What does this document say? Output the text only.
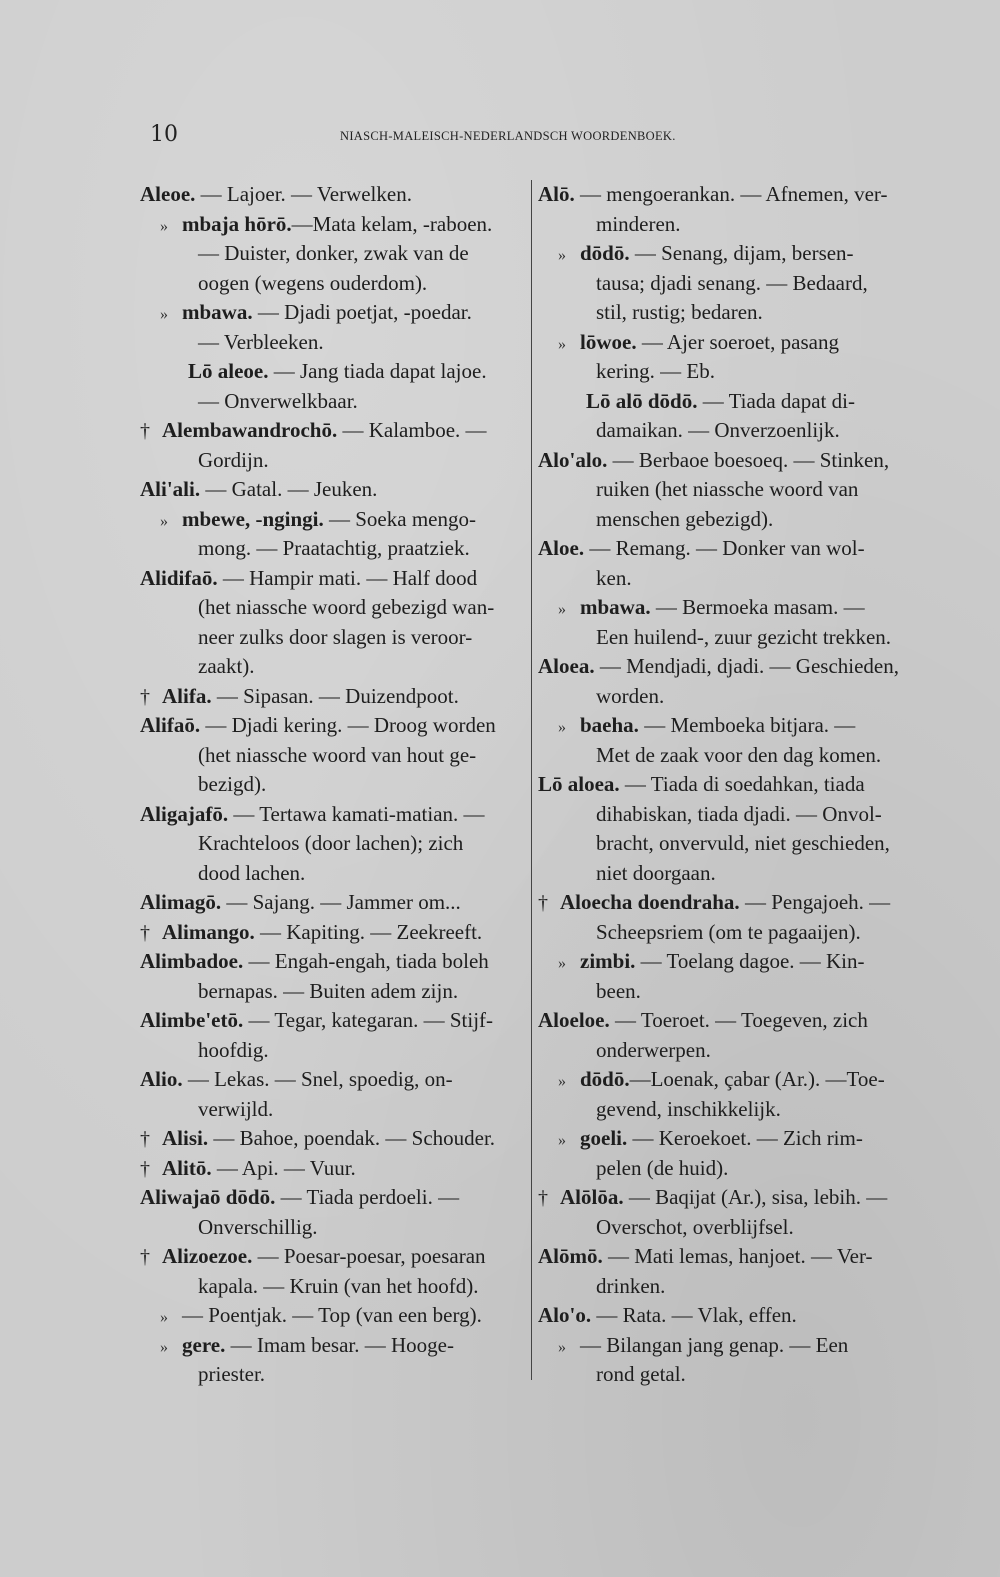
10	NIASCH-MALEISCH-NEDERLANDSCH WOORDENBOEK.
Aleoe. — Lajoer. — Verwelken.
» mbaja hōrō.—Mata kelam, -raboen.
— Duister, donker, zwak van de
oogen (wegens ouderdom).
» mbawa. — Djadi poetjat, -poedar.
— Verbleeken.
Lō aleoe. — Jang tiada dapat lajoe.
— Onverwelkbaar.
† Alembawandrochō. — Kalamboe. —
Gordijn.
Ali'ali. — Gatal. — Jeuken.
» mbewe, -ngingi. — Soeka mengo-
mong. — Praatachtig, praatziek.
Alidifaō. — Hampir mati. — Half dood
(het niassche woord gebezigd wan-
neer zulks door slagen is veroor-
zaakt).
† Alifa. — Sipasan. — Duizendpoot.
Alifaō. — Djadi kering. — Droog worden
(het niassche woord van hout ge-
bezigd).
Aligajafō. — Tertawa kamati-matian. —
Krachteloos (door lachen); zich
dood lachen.
Alimagō. — Sajang. — Jammer om...
† Alimango. — Kapiting. — Zeekreeft.
Alimbadoe. — Engah-engah, tiada boleh
bernapas. — Buiten adem zijn.
Alimbe'etō. — Tegar, kategaran. — Stijf-
hoofdig.
Alio. — Lekas. — Snel, spoedig, on-
verwijld.
† Alisi. — Bahoe, poendak. — Schouder.
† Alitō. — Api. — Vuur.
Aliwajaō dōdō. — Tiada perdoeli. —
Onverschillig.
† Alizoezoe. — Poesar-poesar, poesaran
kapala. — Kruin (van het hoofd).
» — Poentjak. — Top (van een berg).
» gere. — Imam besar. — Hooge-
priester.
Alō. — mengoerankan. — Afnemen, ver-
minderen.
» dōdō. — Senang, dijam, bersen-
tausa; djadi senang. — Bedaard,
stil, rustig; bedaren.
» lōwoe. — Ajer soeroet, pasang
kering. — Eb.
Lō alō dōdō. — Tiada dapat di-
damaikan. — Onverzoenlijk.
Alo'alo. — Berbaoe boesoeq. — Stinken,
ruiken (het niassche woord van
menschen gebezigd).
Aloe. — Remang. — Donker van wol-
ken.
» mbawa. — Bermoeka masam. —
Een huilend-, zuur gezicht trekken.
Aloea. — Mendjadi, djadi. — Geschieden,
worden.
» baeha. — Memboeka bitjara. —
Met de zaak voor den dag komen.
Lō aloea. — Tiada di soedahkan, tiada
dihabiskan, tiada djadi. — Onvol-
bracht, onvervuld, niet geschieden,
niet doorgaan.
† Aloecha doendraha. — Pengajoeh. —
Scheepsriem (om te pagaaijen).
» zimbi. — Toelang dagoe. — Kin-
been.
Aloeloe. — Toeroet. — Toegeven, zich
onderwerpen.
» dōdō.—Loenak, çabar (Ar.). —Toe-
gevend, inschikkelijk.
» goeli. — Keroekoet. — Zich rim-
pelen (de huid).
† Alōlōa. — Baqijat (Ar.), sisa, lebih. —
Overschot, overblijfsel.
Alōmō. — Mati lemas, hanjoet. — Ver-
drinken.
Alo'o. — Rata. — Vlak, effen.
» — Bilangan jang genap. — Een
rond getal.
